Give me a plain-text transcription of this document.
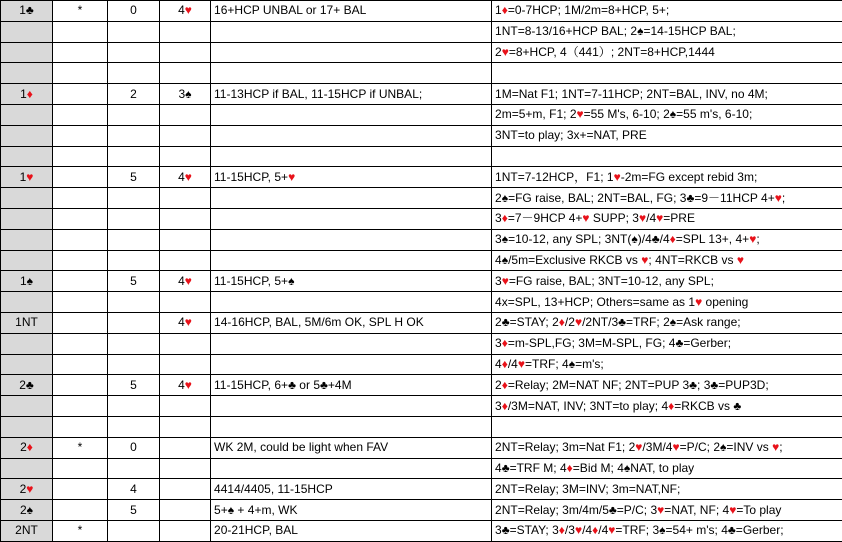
1♣	*	0	4♥	16+HCP UNBAL or 17+ BAL	1♦=0-7HCP; 1M/2m=8+HCP, 5+;
					1NT=8-13/16+HCP BAL; 2♠=14-15HCP BAL;
					2♥=8+HCP, 4（441）; 2NT=8+HCP,1444

1♦		2	3♠	11-13HCP if BAL, 11-15HCP if UNBAL;	1M=Nat F1; 1NT=7-11HCP; 2NT=BAL, INV, no 4M;
					2m=5+m, F1; 2♥=55 M's, 6-10; 2♠=55 m's, 6-10;
					3NT=to play; 3x+=NAT, PRE

1♥		5	4♥	11-15HCP, 5+♥	1NT=7-12HCP，F1; 1♥-2m=FG except rebid 3m;
					2♠=FG raise, BAL; 2NT=BAL, FG; 3♣=9－11HCP 4+♥;
					3♦=7－9HCP 4+♥ SUPP; 3♥/4♥=PRE
					3♠=10-12, any SPL; 3NT(♠)/4♣/4♦=SPL 13+, 4+♥;
					4♠/5m=Exclusive RKCB vs ♥; 4NT=RKCB vs ♥
1♠		5	4♥	11-15HCP, 5+♠	3♥=FG raise, BAL; 3NT=10-12, any SPL;
					4x=SPL, 13+HCP; Others=same as 1♥ opening
1NT			4♥	14-16HCP, BAL, 5M/6m OK, SPL H OK	2♣=STAY; 2♦/2♥/2NT/3♣=TRF; 2♠=Ask range;
					3♦=m-SPL,FG; 3M=M-SPL, FG; 4♣=Gerber;
					4♦/4♥=TRF; 4♠=m's;
2♣		5	4♥	11-15HCP, 6+♣ or 5♣+4M	2♦=Relay; 2M=NAT NF; 2NT=PUP 3♣; 3♣=PUP3D;
					3♦/3M=NAT, INV; 3NT=to play; 4♦=RKCB vs ♣

2♦	*	0		WK 2M, could be light when FAV	2NT=Relay; 3m=Nat F1; 2♥/3M/4♥=P/C; 2♠=INV vs ♥;
					4♣=TRF M; 4♦=Bid M; 4♠NAT, to play
2♥		4		4414/4405, 11-15HCP	2NT=Relay; 3M=INV; 3m=NAT,NF;
2♠		5		5+♠ + 4+m, WK	2NT=Relay; 3m/4m/5♣=P/C; 3♥=NAT, NF; 4♥=To play
2NT	*			20-21HCP, BAL	3♣=STAY; 3♦/3♥/4♦/4♥=TRF; 3♠=54+ m's; 4♣=Gerber;
